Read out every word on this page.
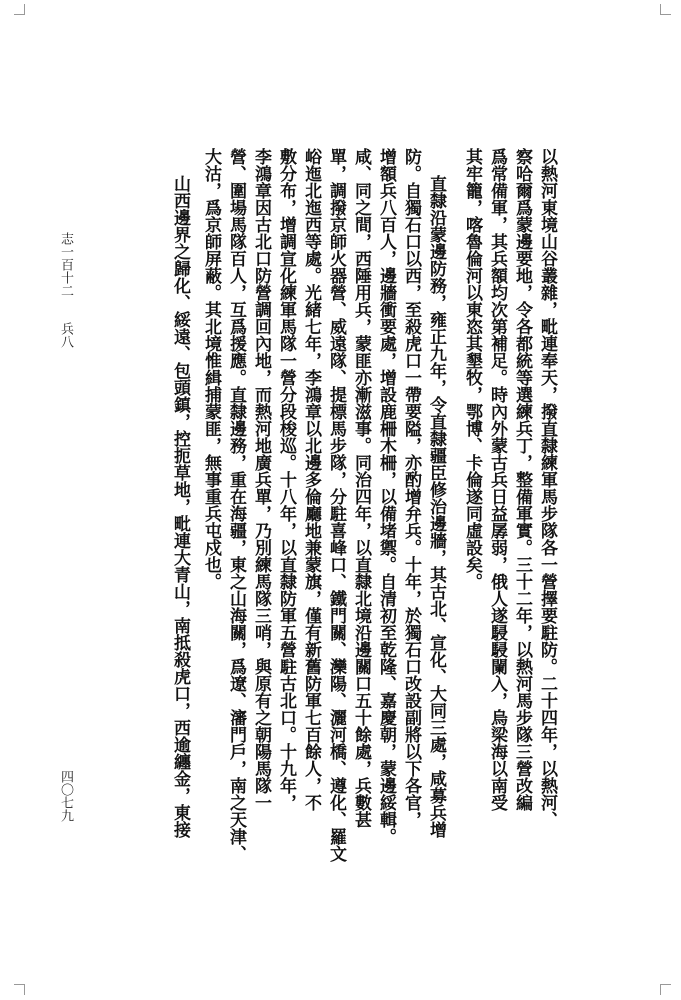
志一百十二
兵八
四〇七九	以熱河東境山谷叢雜，毗連奉天，撥直隸練軍馬步隊各一營擇要駐防。二十四年，以熱河、
察哈爾爲蒙邊要地，令各都統等選練兵丁，整備軍實。三十二年，以熱河馬步隊三營改編
爲常備軍，其兵額均次第補足。時內外蒙古兵日益孱弱，俄人遂駸駸闌入，烏梁海以南受
其牢籠，喀魯倫河以東恣其墾牧，鄂博、卡倫遂同虛設矣。
直隸沿蒙邊防務，雍正九年，令直隸疆臣修治邊牆，其古北、宣化、大同三處，咸募兵增
防。自獨石口以西，至殺虎口一帶要隘，亦酌增弁兵。十年，於獨石口改設副將以下各官，
增額兵八百人，邊牆衝要處，增設鹿柵木柵，以備堵禦。自清初至乾隆、嘉慶朝，蒙邊綏輯。
咸、同之間，西陲用兵，蒙匪亦漸滋事。同治四年，以直隸北境沿邊關口五十餘處，兵數甚
單，調撥京師火器營、威遠隊、提標馬步隊，分駐喜峰口、鐵門關、灤陽、灑河橋、遵化、羅文
峪迤北迤西等處。光緒七年，李鴻章以北邊多倫廳地兼蒙旗，僅有新舊防軍七百餘人，不
敷分布，增調宣化練軍馬隊一營分段梭巡。十八年，以直隸防軍五營駐古北口。十九年，
李鴻章因古北口防營調回內地，而熱河地廣兵單，乃別練馬隊三哨，與原有之朝陽馬隊一
營、圍場馬隊百人，互爲援應。直隸邊務，重在海疆，東之山海關，爲遼、瀋門戶，南之天津、
大沽，爲京師屏蔽。其北境惟緝捕蒙匪，無事重兵屯戍也。
山西邊界之歸化、綏遠、包頭鎮，控扼草地，毗連大青山，南抵殺虎口，西逾纏金，東接
